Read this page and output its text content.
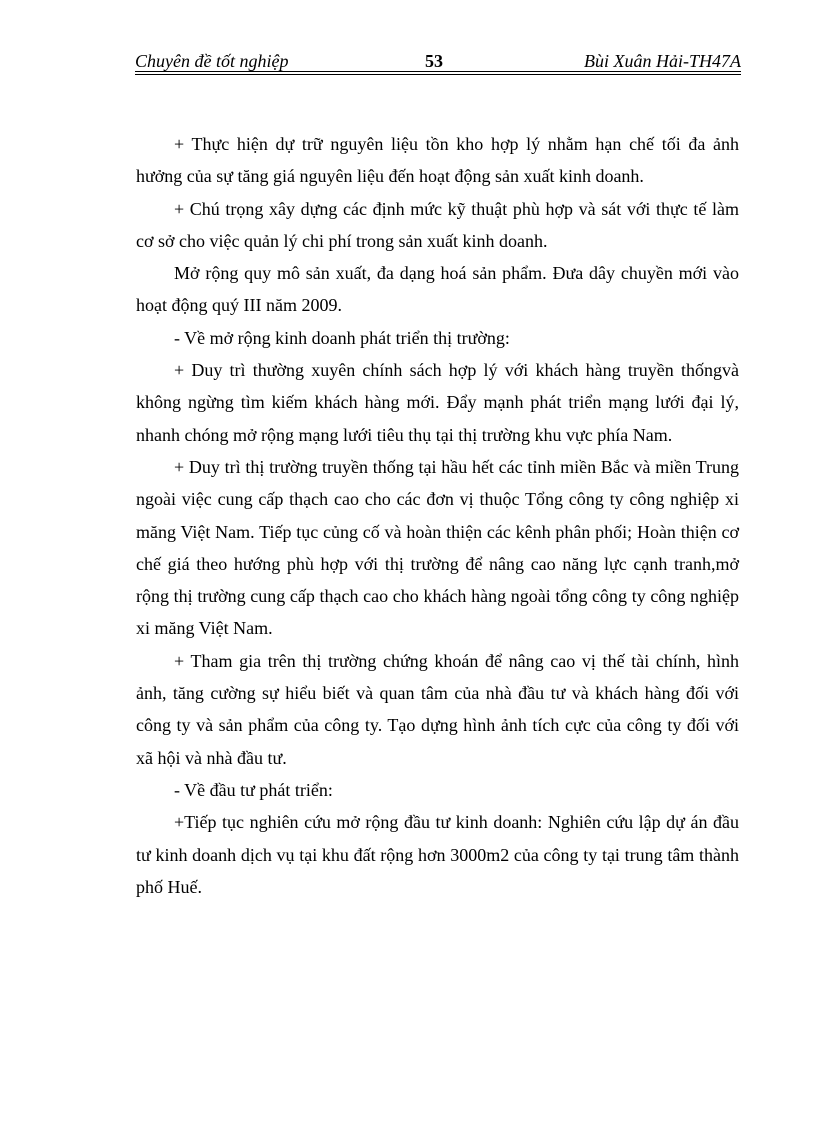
Chuyên đề tốt nghiệp	53	Bùi Xuân Hải-TH47A

+ Thực hiện dự trữ nguyên liệu tồn kho hợp lý nhằm hạn chế tối đa ảnh hưởng của sự tăng giá nguyên liệu đến hoạt động sản xuất kinh doanh.

+ Chú trọng xây dựng các định mức kỹ thuật phù hợp và sát với thực tế làm cơ sở cho việc quản lý chi phí trong sản xuất kinh doanh.

Mở rộng quy mô sản xuất, đa dạng hoá sản phẩm. Đưa dây chuyền mới vào hoạt động quý III năm 2009.

- Về mở rộng kinh doanh phát triển thị trường:

+ Duy trì thường xuyên chính sách hợp lý với khách hàng truyền thốngvà không ngừng tìm kiếm khách hàng mới. Đẩy mạnh phát triển mạng lưới đại lý, nhanh chóng mở rộng mạng lưới tiêu thụ tại thị trường khu vực phía Nam.

+ Duy trì thị trường truyền thống tại hầu hết các tỉnh miền Bắc và miền Trung ngoài việc cung cấp thạch cao cho các đơn vị thuộc Tổng công ty công nghiệp xi măng Việt Nam. Tiếp tục củng cố và hoàn thiện các kênh phân phối; Hoàn thiện cơ chế giá theo hướng phù hợp với thị trường để nâng cao năng lực cạnh tranh,mở rộng thị trường cung cấp thạch cao cho khách hàng ngoài tổng công ty công nghiệp xi măng Việt Nam.

+ Tham gia trên thị trường chứng khoán để nâng cao vị thế tài chính, hình ảnh, tăng cường sự hiểu biết và quan tâm của nhà đầu tư và khách hàng đối với công ty và sản phẩm của công ty. Tạo dựng hình ảnh tích cực của công ty đối với xã hội và nhà đầu tư.

- Về đầu tư phát triển:

+Tiếp tục nghiên cứu mở rộng đầu tư kinh doanh: Nghiên cứu lập dự án đầu tư kinh doanh dịch vụ tại khu đất rộng hơn 3000m2 của công ty tại trung tâm thành phố Huế.
